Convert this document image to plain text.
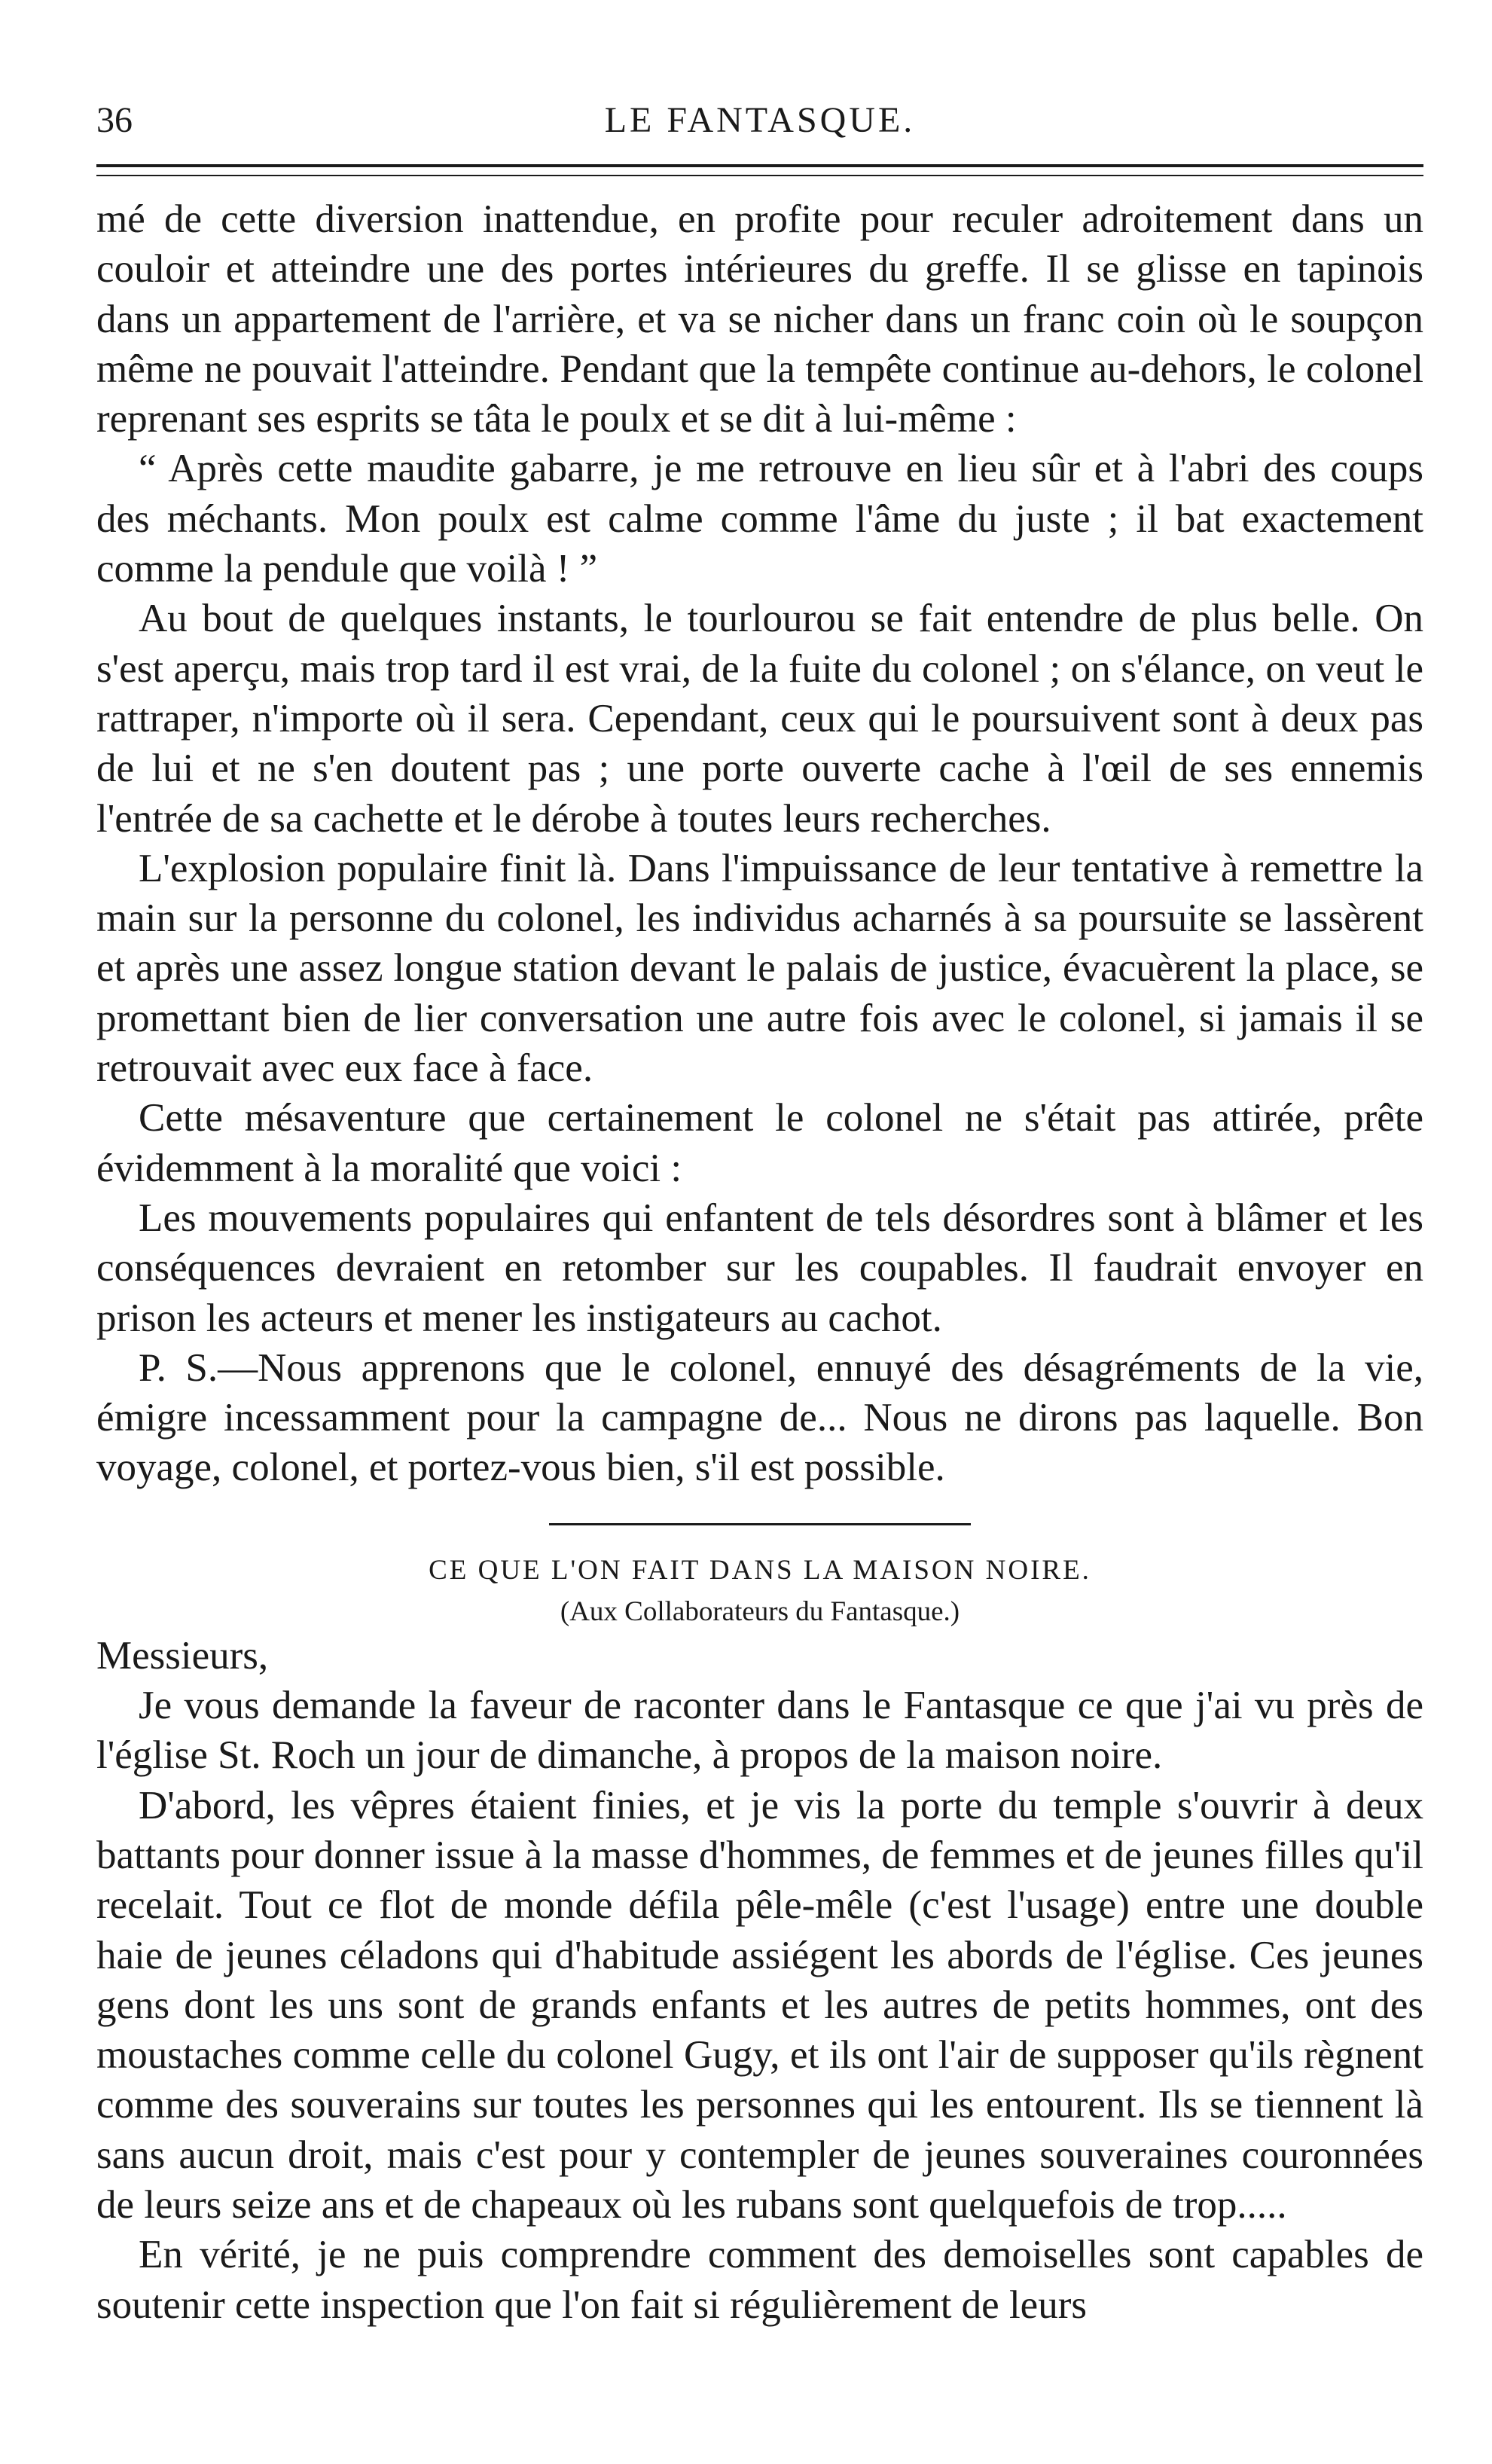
36	LE FANTASQUE.

mé de cette diversion inattendue, en profite pour reculer adroitement dans un couloir et atteindre une des portes intérieures du greffe. Il se glisse en tapinois dans un appartement de l'arrière, et va se nicher dans un franc coin où le soupçon même ne pouvait l'atteindre. Pendant que la tempête continue au-dehors, le colonel reprenant ses esprits se tâta le poulx et se dit à lui-même :

“ Après cette maudite gabarre, je me retrouve en lieu sûr et à l'abri des coups des méchants. Mon poulx est calme comme l'âme du juste ; il bat exactement comme la pendule que voilà ! ”

Au bout de quelques instants, le tourlourou se fait entendre de plus belle. On s'est aperçu, mais trop tard il est vrai, de la fuite du colonel ; on s'élance, on veut le rattraper, n'importe où il sera. Cependant, ceux qui le poursuivent sont à deux pas de lui et ne s'en doutent pas ; une porte ouverte cache à l'œil de ses ennemis l'entrée de sa cachette et le dérobe à toutes leurs recherches.

L'explosion populaire finit là. Dans l'impuissance de leur tentative à remettre la main sur la personne du colonel, les individus acharnés à sa poursuite se lassèrent et après une assez longue station devant le palais de justice, évacuèrent la place, se promettant bien de lier conversation une autre fois avec le colonel, si jamais il se retrouvait avec eux face à face.

Cette mésaventure que certainement le colonel ne s'était pas attirée, prête évidemment à la moralité que voici :

Les mouvements populaires qui enfantent de tels désordres sont à blâmer et les conséquences devraient en retomber sur les coupables. Il faudrait envoyer en prison les acteurs et mener les instigateurs au cachot.

P. S.—Nous apprenons que le colonel, ennuyé des désagréments de la vie, émigre incessamment pour la campagne de... Nous ne dirons pas laquelle. Bon voyage, colonel, et portez-vous bien, s'il est possible.

CE QUE L'ON FAIT DANS LA MAISON NOIRE.

(Aux Collaborateurs du Fantasque.)

Messieurs,

Je vous demande la faveur de raconter dans le Fantasque ce que j'ai vu près de l'église St. Roch un jour de dimanche, à propos de la maison noire.

D'abord, les vêpres étaient finies, et je vis la porte du temple s'ouvrir à deux battants pour donner issue à la masse d'hommes, de femmes et de jeunes filles qu'il recelait. Tout ce flot de monde défila pêle-mêle (c'est l'usage) entre une double haie de jeunes céladons qui d'habitude assiégent les abords de l'église. Ces jeunes gens dont les uns sont de grands enfants et les autres de petits hommes, ont des moustaches comme celle du colonel Gugy, et ils ont l'air de supposer qu'ils règnent comme des souverains sur toutes les personnes qui les entourent. Ils se tiennent là sans aucun droit, mais c'est pour y contempler de jeunes souveraines couronnées de leurs seize ans et de chapeaux où les rubans sont quelquefois de trop.....

En vérité, je ne puis comprendre comment des demoiselles sont capables de soutenir cette inspection que l'on fait si régulièrement de leurs
